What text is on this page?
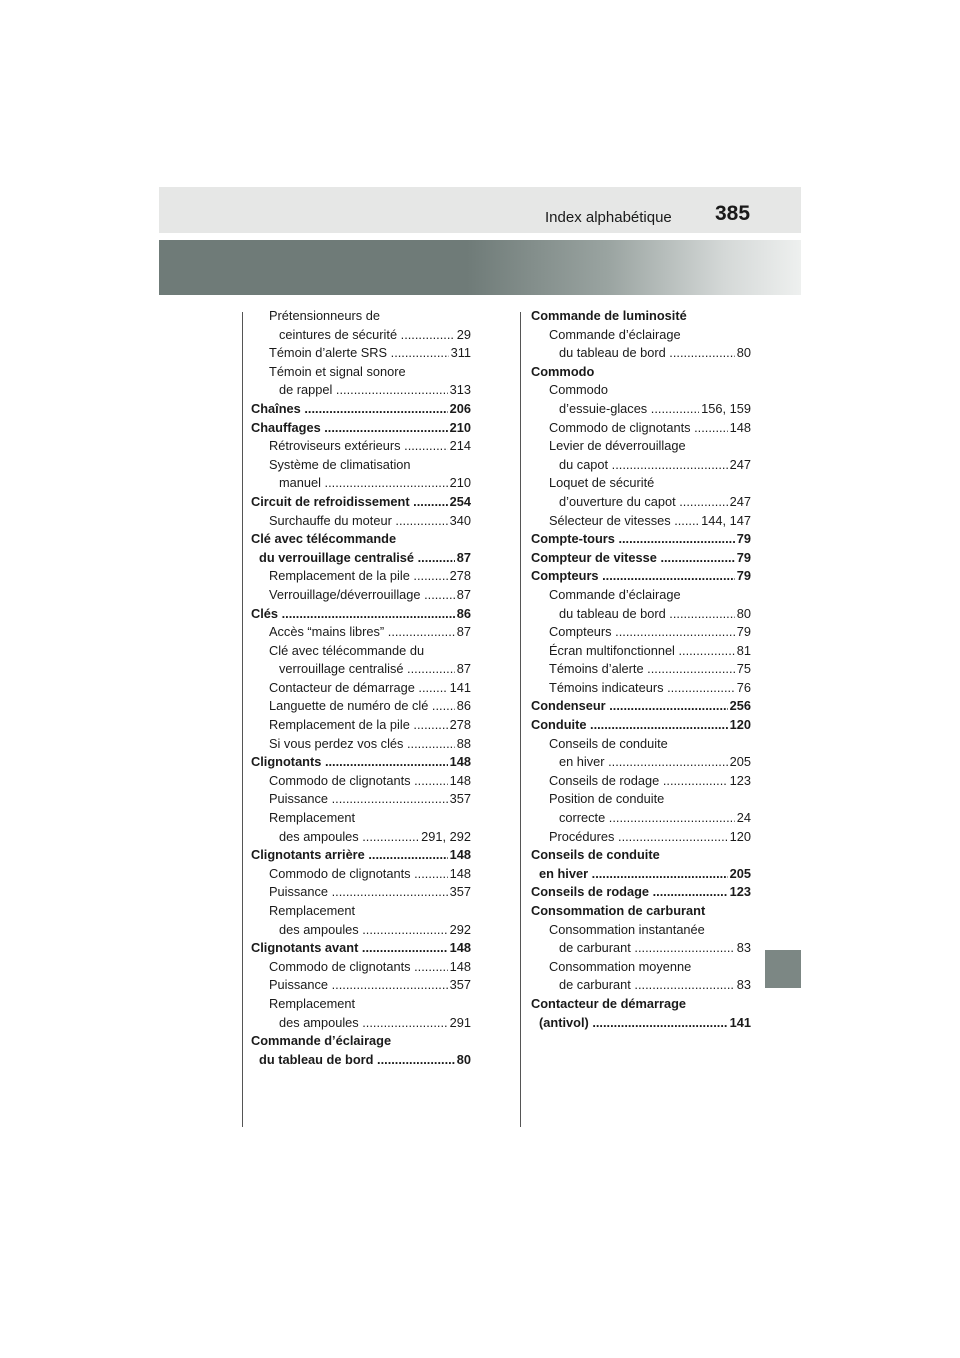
Index alphabétique 385
Prétensionneurs de
ceintures de sécurité .....	29
Témoin d’alerte SRS .....	311
Témoin et signal sonore
de rappel .....	313
Chaînes .....	206
Chauffages .....	210
Rétroviseurs extérieurs .....	214
Système de climatisation
manuel .....	210
Circuit de refroidissement .....	254
Surchauffe du moteur .....	340
Clé avec télécommande
du verrouillage centralisé .....	87
Remplacement de la pile .....	278
Verrouillage/déverrouillage .....	87
Clés .....	86
Accès “mains libres” .....	87
Clé avec télécommande du
verrouillage centralisé .....	87
Contacteur de démarrage .....	141
Languette de numéro de clé .....	86
Remplacement de la pile .....	278
Si vous perdez vos clés .....	88
Clignotants .....	148
Commodo de clignotants .....	148
Puissance .....	357
Remplacement
des ampoules .....	291, 292
Clignotants arrière .....	148
Commodo de clignotants .....	148
Puissance .....	357
Remplacement
des ampoules .....	292
Clignotants avant .....	148
Commodo de clignotants .....	148
Puissance .....	357
Remplacement
des ampoules .....	291
Commande d’éclairage
du tableau de bord .....	80
Commande de luminosité
Commande d’éclairage
du tableau de bord .....	80
Commodo
Commodo
d’essuie-glaces .....	156, 159
Commodo de clignotants .....	148
Levier de déverrouillage
du capot .....	247
Loquet de sécurité
d’ouverture du capot .....	247
Sélecteur de vitesses .....	144, 147
Compte-tours .....	79
Compteur de vitesse .....	79
Compteurs .....	79
Commande d’éclairage
du tableau de bord .....	80
Compteurs .....	79
Écran multifonctionnel .....	81
Témoins d’alerte .....	75
Témoins indicateurs .....	76
Condenseur .....	256
Conduite .....	120
Conseils de conduite
en hiver .....	205
Conseils de rodage .....	123
Position de conduite
correcte .....	24
Procédures .....	120
Conseils de conduite
en hiver .....	205
Conseils de rodage .....	123
Consommation de carburant
Consommation instantanée
de carburant .....	83
Consommation moyenne
de carburant .....	83
Contacteur de démarrage
(antivol) .....	141
